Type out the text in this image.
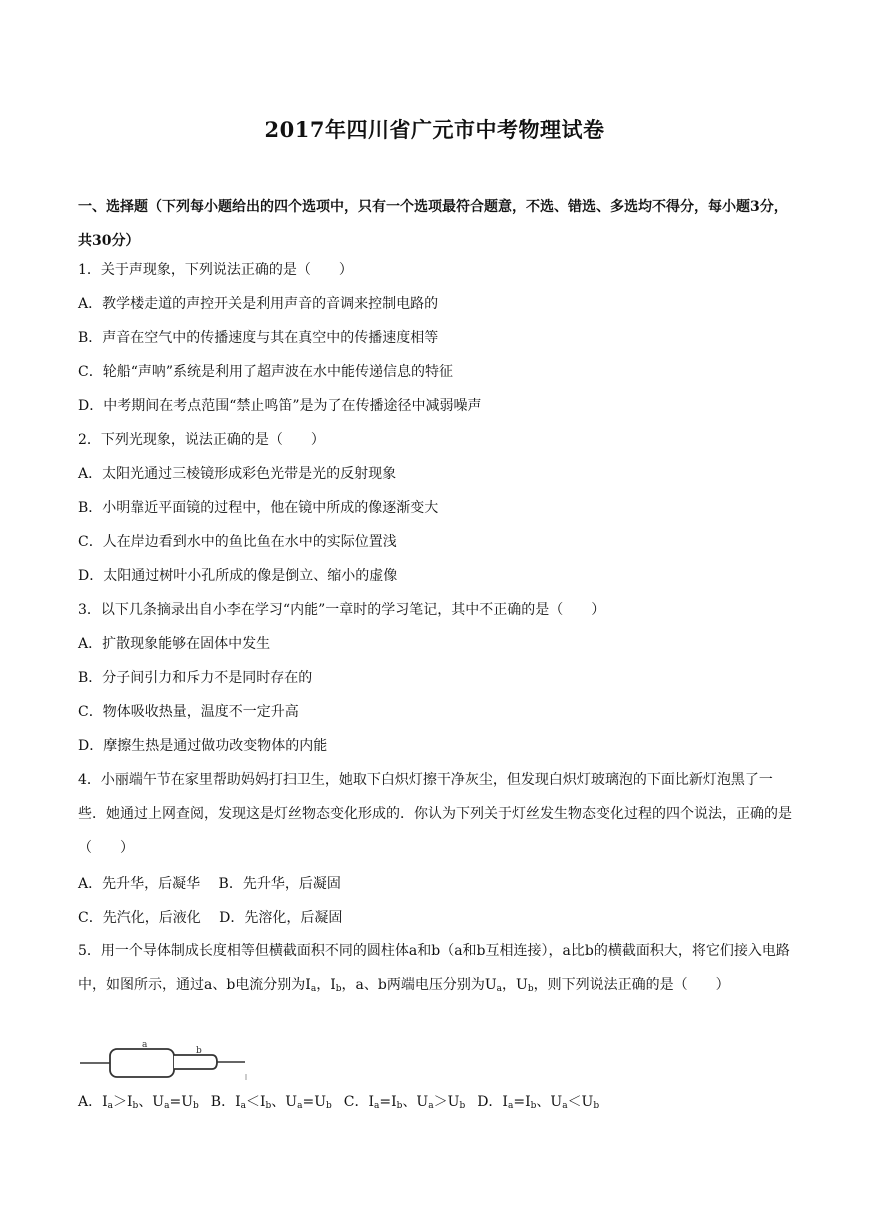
2017年四川省广元市中考物理试卷
一、选择题（下列每小题给出的四个选项中，只有一个选项最符合题意，不选、错选、多选均不得分，每小题3分，共30分）
1．关于声现象，下列说法正确的是（　　）
A．教学楼走道的声控开关是利用声音的音调来控制电路的
B．声音在空气中的传播速度与其在真空中的传播速度相等
C．轮船“声呐”系统是利用了超声波在水中能传递信息的特征
D．中考期间在考点范围“禁止鸣笛”是为了在传播途径中减弱噪声
2．下列光现象，说法正确的是（　　）
A．太阳光通过三棱镜形成彩色光带是光的反射现象
B．小明靠近平面镜的过程中，他在镜中所成的像逐渐变大
C．人在岸边看到水中的鱼比鱼在水中的实际位置浅
D．太阳通过树叶小孔所成的像是倒立、缩小的虚像
3．以下几条摘录出自小李在学习“内能”一章时的学习笔记，其中不正确的是（　　）
A．扩散现象能够在固体中发生
B．分子间引力和斥力不是同时存在的
C．物体吸收热量，温度不一定升高
D．摩擦生热是通过做功改变物体的内能
4．小丽端午节在家里帮助妈妈打扫卫生，她取下白炽灯擦干净灰尘，但发现白炽灯玻璃泡的下面比新灯泡黑了一些．她通过上网查阅，发现这是灯丝物态变化形成的．你认为下列关于灯丝发生物态变化过程的四个说法，正确的是（　　）
A．先升华，后凝华　 B．先升华，后凝固
C．先汽化，后液化　 D．先溶化，后凝固
5．用一个导体制成长度相等但横截面积不同的圆柱体a和b（a和b互相连接），a比b的横截面积大，将它们接入电路中，如图所示，通过a、b电流分别为$I_a$，$I_b$，a、b两端电压分别为$U_a$，$U_b$，则下列说法正确的是（　　）
a
b
A．$I_a>I_b$、$U_a=U_b$ B．$I_a<I_b$、$U_a=U_b$ C．$I_a=I_b$、$U_a>U_b$ D．$I_a=I_b$、$U_a<U_b$
